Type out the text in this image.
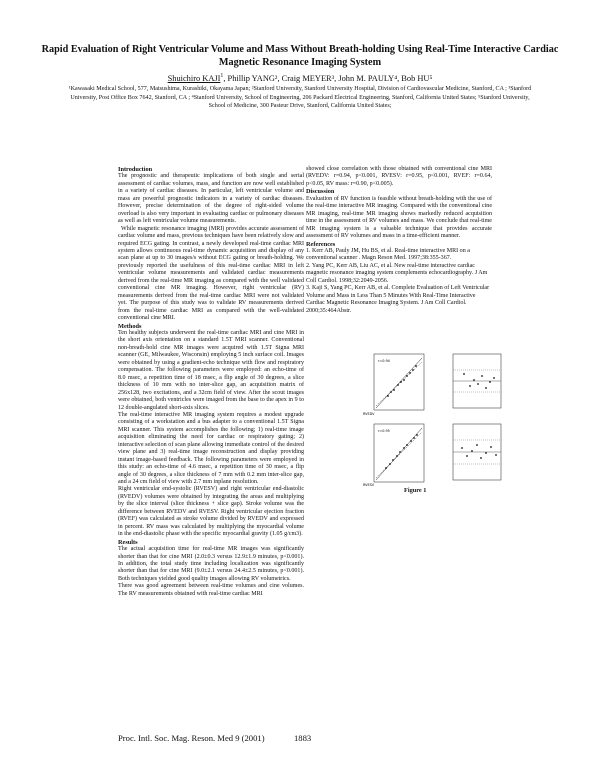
Rapid Evaluation of Right Ventricular Volume and Mass Without Breath-holding Using Real-Time Interactive Cardiac Magnetic Resonance Imaging System
Shuichiro KAJI$^1$, Phillip YANG², Craig MEYER³, John M. PAULY⁴, Bob HU⁵
¹Kawasaki Medical School, 577, Matsushima, Kurashiki, Okayama Japan; ²Stanford University, Stanford University Hospital, Division of Cardiovascular Medicine, Stanford, CA ; ³Stanford University, Post Office Box 7642, Stanford, CA ; ⁴Stanford University, School of Engineering, 206 Packard Electrical Engineering, Stanford, California United States; ⁵Stanford University, School of Medicine, 300 Pasteur Drive, Stanford, California United States;

Introduction

The prognostic and therapeutic implications of both single and serial assessment of cardiac volumes, mass, and function are now well established in a variety of cardiac diseases. In particular, left ventricular volume and mass are powerful prognostic indicators in a variety of cardiac diseases. However, precise determination of the degree of right-sided volume overload is also very important in evaluating cardiac or pulmonary diseases as well as left ventricular volume measurements.

While magnetic resonance imaging (MRI) provides accurate assessment of cardiac volume and mass, previous techniques have been relatively slow and required ECG gating. In contrast, a newly developed real-time cardiac MRI system allows continuous real-time dynamic acquisition and display of any scan plane at up to 30 images/s without ECG gating or breath-holding. We previously reported the usefulness of this real-time cardiac MRI in left ventricular volume measurements and validated cardiac measurements derived from the real-time MR imaging as compared with the well validated conventional cine MR imaging. However, right ventricular (RV) measurements derived from the real-time cardiac MRI were not validated yet. The purpose of this study was to validate RV measurements derived from the real-time cardiac MRI as compared with the well-validated conventional cine MRI.

Methods

Ten healthy subjects underwent the real-time cardiac MRI and cine MRI in the short axis orientation on a standard 1.5T MRI scanner. Conventional non-breath-hold cine MR images were acquired with 1.5T Signa MRI scanner (GE, Milwaukee, Wisconsin) employing 5 inch surface coil. Images were obtained by using a gradient-echo technique with flow and respiratory compensation. The following parameters were employed: an echo-time of 8.0 msec, a repetition time of 18 msec, a flip angle of 30 degrees, a slice thickness of 10 mm with no inter-slice gap, an acquisition matrix of 256x128, two excitations, and a 32cm field of view. After the scout images were obtained, both ventricles were imaged from the base to the apex in 9 to 12 double-angulated short-axis slices.

The real-time interactive MR imaging system requires a modest upgrade consisting of a workstation and a bus adapter to a conventional 1.5T Signa MRI scanner. This system accomplishes the following; 1) real-time image acquisition eliminating the need for cardiac or respiratory gating; 2) interactive selection of scan plane allowing immediate control of the desired view plane and 3) real-time image reconstruction and display providing instant image-based feedback. The following parameters were employed in this study: an echo-time of 4.6 msec, a repetition time of 30 msec, a flip angle of 30 degrees, a slice thickness of 7 mm with 0.2 mm inter-slice gap, and a 24 cm field of view with 2.7 mm inplane resolution.

Right ventricular end-systolic (RVESV) and right ventricular end-diastolic (RVEDV) volumes were obtained by integrating the areas and multiplying by the slice interval (slice thickness + slice gap). Stroke volume was the difference between RVEDV and RVESV. Right ventricular ejection fraction (RVEF) was calculated as stroke volume divided by RVEDV and expressed in percent. RV mass was calculated by multiplying the myocardial volume in the end-diastolic phase with the specific myocardial gravity (1.05 g/cm3).

Results

The actual acquisition time for real-time MR images was significantly shorter than that for cine MRI (2.0±0.3 versus 12.9±1.9 minutes, p<0.001). In addition, the total study time including localization was significantly shorter than that for cine MRI (9.0±2.1 versus 24.4±2.5 minutes, p<0.001). Both techniques yielded good quality images allowing RV volumetrics.

There was good agreement between real-time volumes and cine volumes. The RV measurements obtained with real-time cardiac MRI

showed close correlation with those obtained with conventional cine MRI (RVEDV: r=0.94, p<0.001, RVESV: r=0.95, p<0.001, RVEF: r=0.64, p<0.05, RV mass: r=0.90, p<0.005).

Discussion

Evaluation of RV function is feasible without breath-holding with the use of the real-time interactive MR imaging. Compared with the conventional cine MR imaging, real-time MR imaging shows markedly reduced acquisition time in the assessment of RV volumes and mass. We conclude that real-time MR imaging system is a valuable technique that provides accurate assessment of RV volumes and mass in a time-efficient manner.

References

1. Kerr AB, Pauly JM, Hu BS, et al. Real-time interactive MRI on a conventional scanner . Magn Reson Med. 1997;38:355-367.

2. Yang PC, Kerr AB, Liu AC, et al. New real-time interactive cardiac magnetic resonance imaging system complements echocardiography. J Am Coll Cardiol. 1998;32:2049-2056.

3. Kaji S, Yang PC, Kerr AB, et al. Complete Evaluation of Left Ventricular Volume and Mass in Less Than 5 Minutes With Real-Time Interactive Cardiac Magnetic Resonance Imaging System. J Am Coll Cardiol. 2000;35:464Abstr.

RVEDV
r=0.94
RVESV
r=0.95
Figure 1
Proc. Intl. Soc. Mag. Reson. Med 9 (2001)	1883
